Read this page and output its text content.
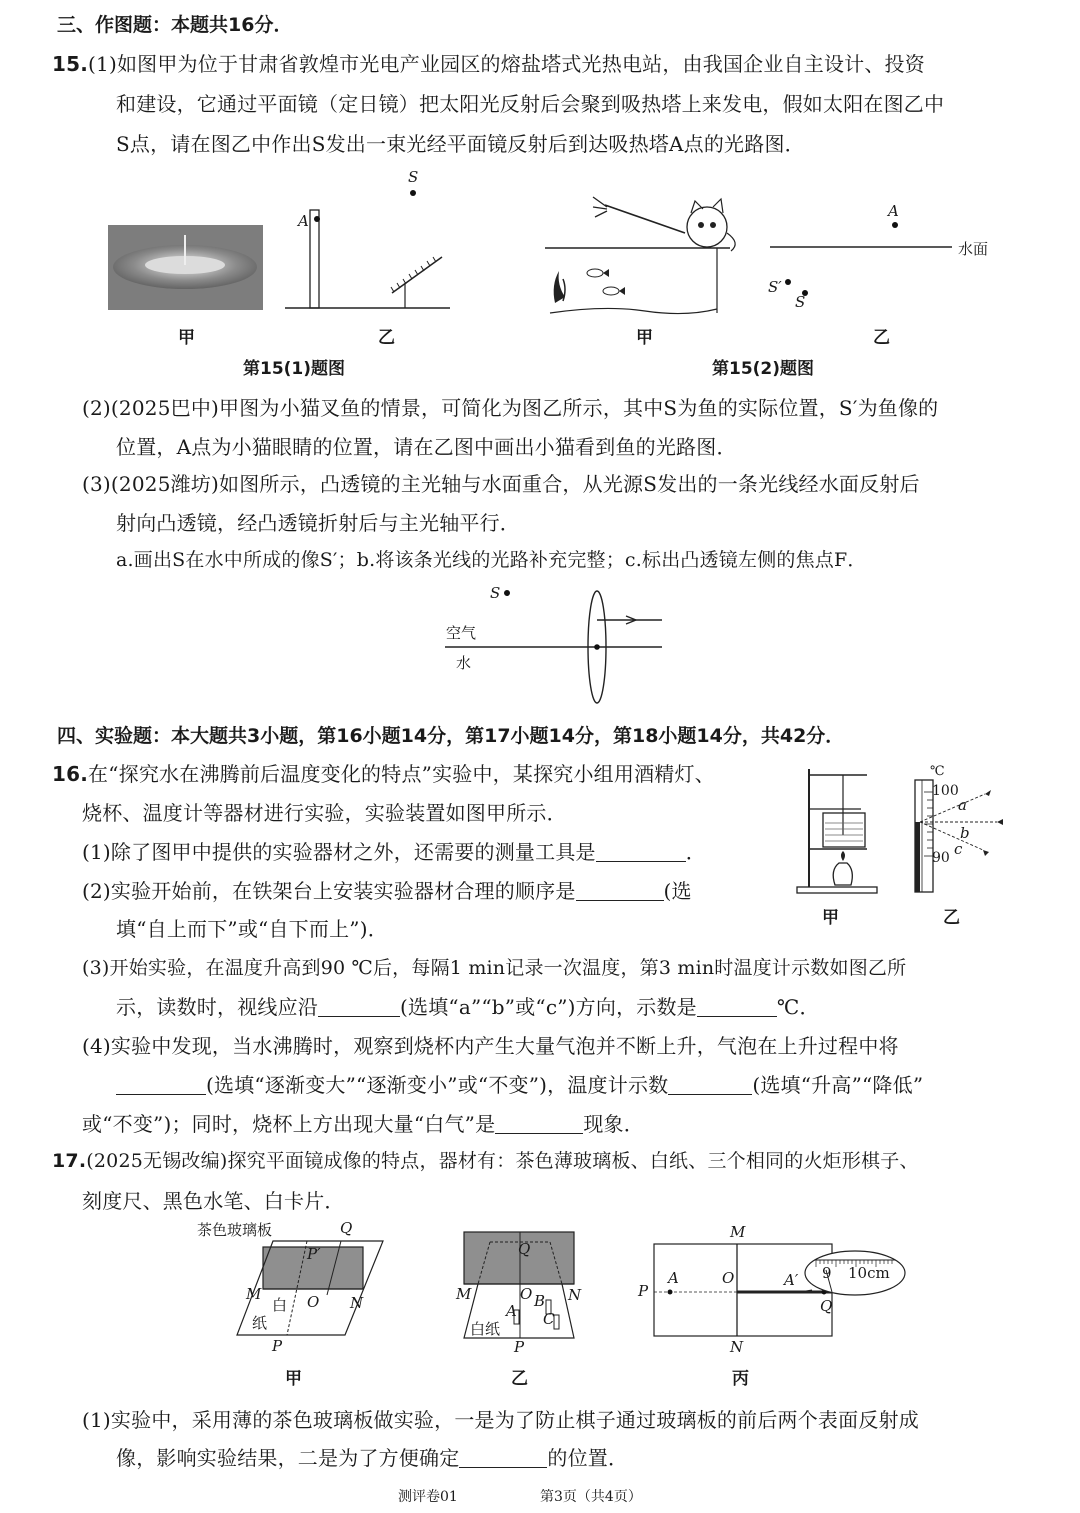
三、作图题：本题共16分．
15.(1)如图甲为位于甘肃省敦煌市光电产业园区的熔盐塔式光热电站，由我国企业自主设计、投资
和建设，它通过平面镜（定日镜）把太阳光反射后会聚到吸热塔上来发电，假如太阳在图乙中
S点，请在图乙中作出S发出一束光经平面镜反射后到达吸热塔A点的光路图．
甲
A
S
乙
第15(1)题图
甲
A
水面
S′
S
乙
第15(2)题图
(2)(2025巴中)甲图为小猫叉鱼的情景，可简化为图乙所示，其中S为鱼的实际位置，S′为鱼像的
位置，A点为小猫眼睛的位置，请在乙图中画出小猫看到鱼的光路图．
(3)(2025潍坊)如图所示，凸透镜的主光轴与水面重合，从光源S发出的一条光线经水面反射后
射向凸透镜，经凸透镜折射后与主光轴平行．
a.画出S在水中所成的像S′；b.将该条光线的光路补充完整；c.标出凸透镜左侧的焦点F．
S
空气
水
四、实验题：本大题共3小题，第16小题14分，第17小题14分，第18小题14分，共42分．
16.在“探究水在沸腾前后温度变化的特点”实验中，某探究小组用酒精灯、
烧杯、温度计等器材进行实验，实验装置如图甲所示．
(1)除了图甲中提供的实验器材之外，还需要的测量工具是	．
(2)实验开始前，在铁架台上安装实验器材合理的顺序是	(选
填“自上而下”或“自下而上”)．	甲
℃
100
90
a
b
c
乙
(3)开始实验，在温度升高到90 ℃后，每隔1 min记录一次温度，第3 min时温度计示数如图乙所
示，读数时，视线应沿	(选填“a”“b”或“c”)方向，示数是	℃．
(4)实验中发现，当水沸腾时，观察到烧杯内产生大量气泡并不断上升，气泡在上升过程中将
(选填“逐渐变大”“逐渐变小”或“不变”)，温度计示数	(选填“升高”“降低”
或“不变”)；同时，烧杯上方出现大量“白气”是	现象．
17.(2025无锡改编)探究平面镜成像的特点，器材有：茶色薄玻璃板、白纸、三个相同的火炬形棋子、
刻度尺、黑色水笔、白卡片．
茶色玻璃板	Q
P′
M
白 O N
纸
P
甲
Q
M	O B N
A C
白纸
P
乙
M
P
A	O	A′ 9 10cm
Q
N
丙
(1)实验中，采用薄的茶色玻璃板做实验，一是为了防止棋子通过玻璃板的前后两个表面反射成
像，影响实验结果，二是为了方便确定	的位置．
测评卷01	第3页（共4页）
